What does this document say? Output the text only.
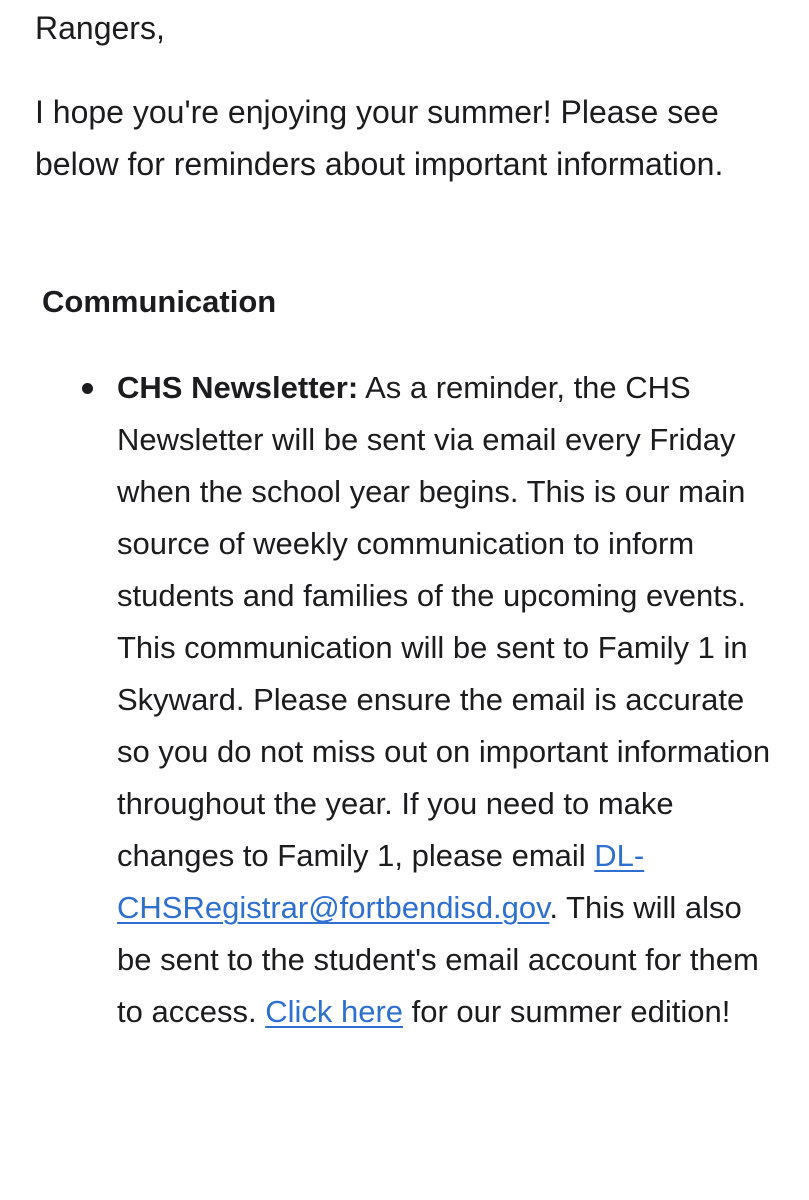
Rangers,

I hope you're enjoying your summer! Please see below for reminders about important information.

Communication
CHS Newsletter: As a reminder, the CHS Newsletter will be sent via email every Friday when the school year begins. This is our main source of weekly communication to inform students and families of the upcoming events. This communication will be sent to Family 1 in Skyward. Please ensure the email is accurate so you do not miss out on important information throughout the year. If you need to make changes to Family 1, please email DL-CHSRegistrar@fortbendisd.gov. This will also be sent to the student's email account for them to access. Click here for our summer edition!
